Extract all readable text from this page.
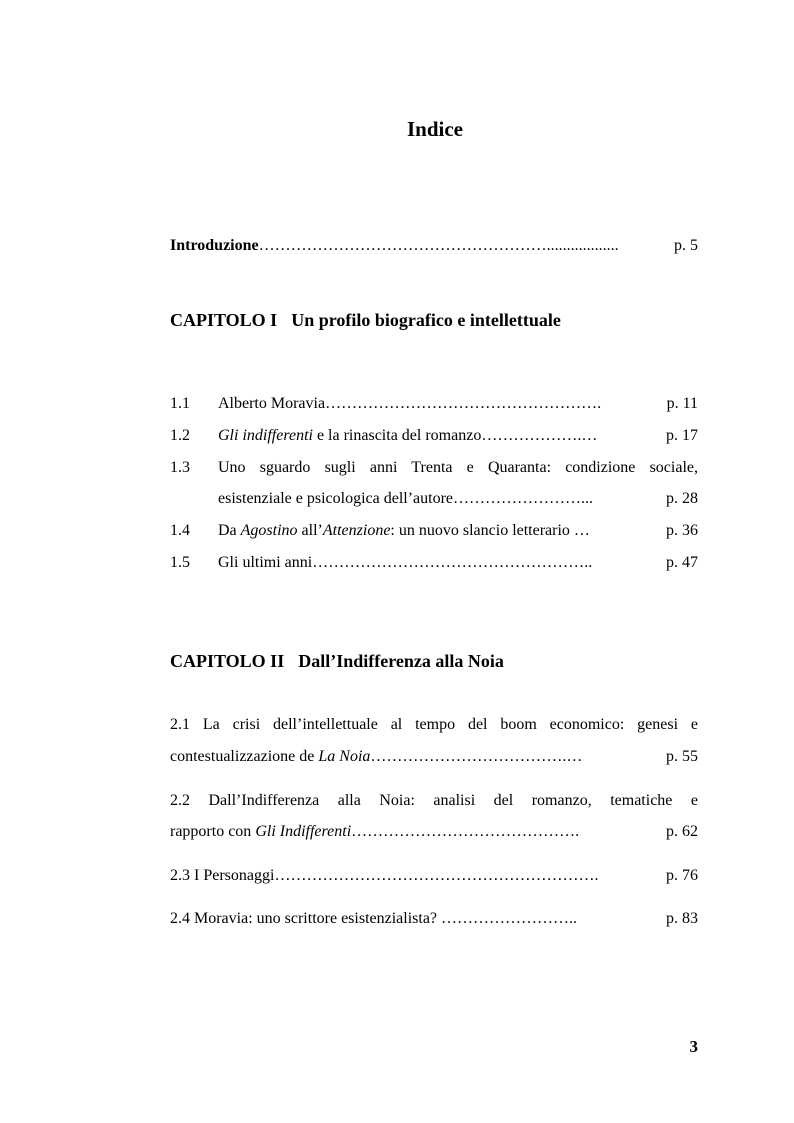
Indice
Introduzione………………………………………………..................	p. 5
CAPITOLO I Un profilo biografico e intellettuale
1.1 Alberto Moravia…………………………………………….	p. 11
1.2 Gli indifferenti e la rinascita del romanzo……………….…	p. 17
1.3 Uno sguardo sugli anni Trenta e Quaranta: condizione sociale,
esistenziale e psicologica dell’autore……………………...	p. 28
1.4 Da Agostino all’Attenzione: un nuovo slancio letterario …	p. 36
1.5 Gli ultimi anni……………………………………………..	p. 47
CAPITOLO II Dall’Indifferenza alla Noia
2.1 La crisi dell’intellettuale al tempo del boom economico: genesi e
contestualizzazione de La Noia……………………………….…	p. 55
2.2 Dall’Indifferenza alla Noia: analisi del romanzo, tematiche e
rapporto con Gli Indifferenti…………………………………….	p. 62
2.3 I Personaggi…………………………………………………….	p. 76
2.4 Moravia: uno scrittore esistenzialista? ……………………..	p. 83
3
